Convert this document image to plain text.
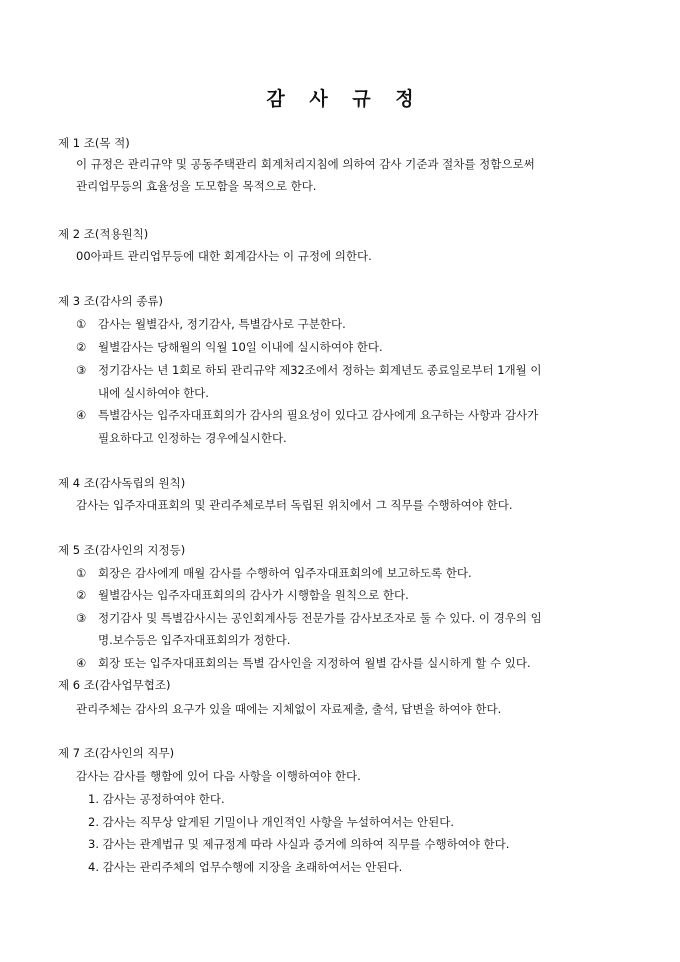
감 사 규 정
제 1 조(목 적)
이 규정은 관리규약 및 공동주택관리 회계처리지침에 의하여 감사 기준과 절차를 정함으로써
관리업무등의 효율성을 도모함을 목적으로 한다.
제 2 조(적용원칙)
00아파트 관리업무등에 대한 회계감사는 이 규정에 의한다.
제 3 조(감사의 종류)
① 감사는 월별감사, 정기감사, 특별감사로 구분한다.
② 월별감사는 당해월의 익월 10일 이내에 실시하여야 한다.
③ 정기감사는 년 1회로 하되 관리규약 제32조에서 정하는 회계년도 종료일로부터 1개월 이
내에 실시하여야 한다.
④ 특별감사는 입주자대표회의가 감사의 필요성이 있다고 감사에게 요구하는 사항과 감사가
필요하다고 인정하는 경우에실시한다.
제 4 조(감사독립의 원칙)
감사는 입주자대표회의 및 관리주체로부터 독립된 위치에서 그 직무를 수행하여야 한다.
제 5 조(감사인의 지정등)
① 회장은 감사에게 매월 감사를 수행하여 입주자대표회의에 보고하도록 한다.
② 월별감사는 입주자대표회의의 감사가 시행함을 원칙으로 한다.
③ 정기감사 및 특별감사시는 공인회계사등 전문가를 감사보조자로 둘 수 있다. 이 경우의 임
명.보수등은 입주자대표회의가 정한다.
④ 회장 또는 입주자대표회의는 특별 감사인을 지정하여 월별 감사를 실시하게 할 수 있다.
제 6 조(감사업무협조)
관리주체는 감사의 요구가 있을 때에는 지체없이 자료제출, 출석, 답변을 하여야 한다.
제 7 조(감사인의 직무)
감사는 감사를 행함에 있어 다음 사항을 이행하여야 한다.
1. 감사는 공정하여야 한다.
2. 감사는 직무상 알게된 기밀이나 개인적인 사항을 누설하여서는 안된다.
3. 감사는 관계법규 및 제규정계 따라 사실과 증거에 의하여 직무를 수행하여야 한다.
4. 감사는 관리주체의 업무수행에 지장을 초래하여서는 안된다.
